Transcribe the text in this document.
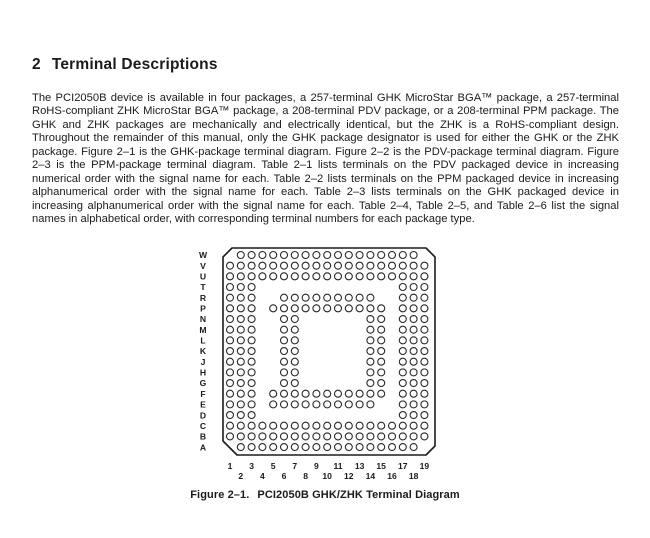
2 Terminal Descriptions

The PCI2050B device is available in four packages, a 257-terminal GHK MicroStar BGA™ package, a 257-terminal RoHS-compliant ZHK MicroStar BGA™ package, a 208-terminal PDV package, or a 208-terminal PPM package. The GHK and ZHK packages are mechanically and electrically identical, but the ZHK is a RoHS-compliant design. Throughout the remainder of this manual, only the GHK package designator is used for either the GHK or the ZHK package. Figure 2–1 is the GHK-package terminal diagram. Figure 2–2 is the PDV-package terminal diagram. Figure 2–3 is the PPM-package terminal diagram. Table 2–1 lists terminals on the PDV packaged device in increasing numerical order with the signal name for each. Table 2–2 lists terminals on the PPM packaged device in increasing alphanumerical order with the signal name for each. Table 2–3 lists terminals on the GHK packaged device in increasing alphanumerical order with the signal name for each. Table 2–4, Table 2–5, and Table 2–6 list the signal names in alphabetical order, with corresponding terminal numbers for each package type.

W
V
U
T
R
P
N
M
L
K
J
H
G
F
E
D
C
B
A
1
2
3
4
5
6
7
8
9
10
11
12
13
14
15
16
17
18
19
Figure 2–1. PCI2050B GHK/ZHK Terminal Diagram
